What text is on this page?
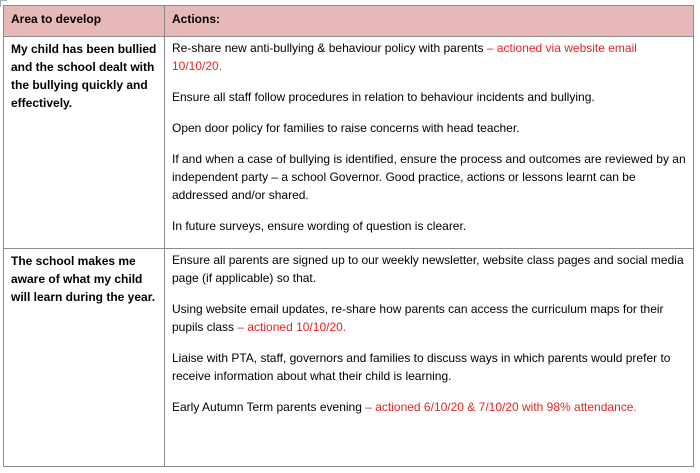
Area to develop	Actions:
My child has been bullied and the school dealt with the bullying quickly and effectively.	Re-share new anti-bullying & behaviour policy with parents – actioned via website email 10/10/20.

Ensure all staff follow procedures in relation to behaviour incidents and bullying.

Open door policy for families to raise concerns with head teacher.

If and when a case of bullying is identified, ensure the process and outcomes are reviewed by an independent party – a school Governor. Good practice, actions or lessons learnt can be addressed and/or shared.

In future surveys, ensure wording of question is clearer.

The school makes me aware of what my child will learn during the year.	Ensure all parents are signed up to our weekly newsletter, website class pages and social media page (if applicable) so that.

Using website email updates, re-share how parents can access the curriculum maps for their pupils class – actioned 10/10/20.

Liaise with PTA, staff, governors and families to discuss ways in which parents would prefer to receive information about what their child is learning.

Early Autumn Term parents evening – actioned 6/10/20 & 7/10/20 with 98% attendance.
